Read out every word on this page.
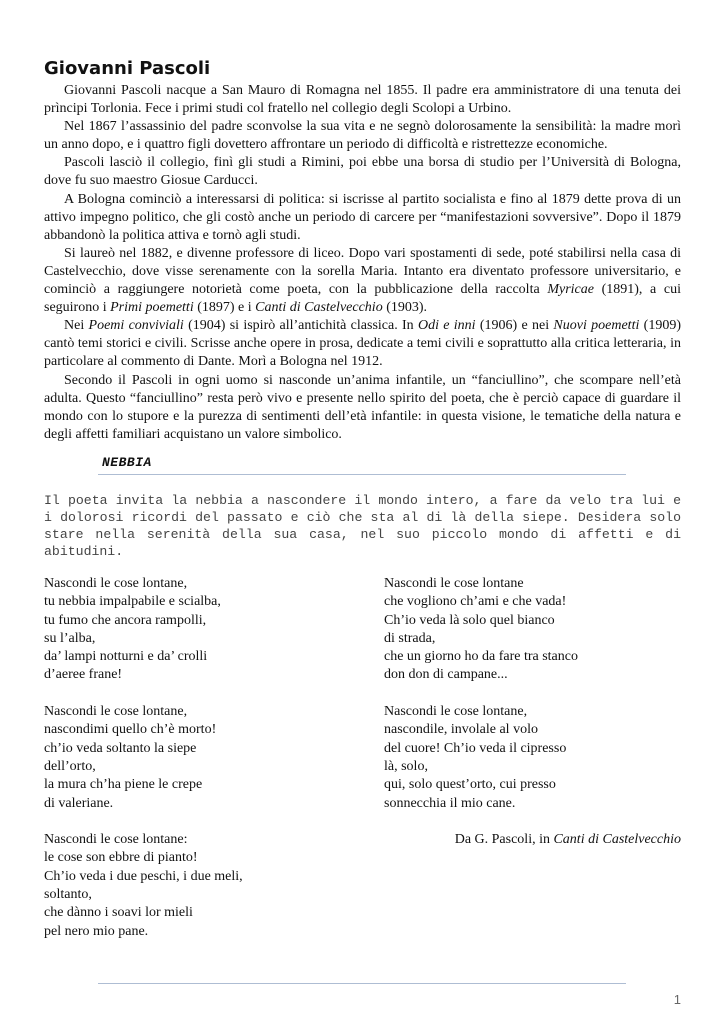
Giovanni Pascoli

Giovanni Pascoli nacque a San Mauro di Romagna nel 1855. Il padre era amministratore di una tenuta dei prìncipi Torlonia. Fece i primi studi col fratello nel collegio degli Scolopi a Urbino.

Nel 1867 l’assassinio del padre sconvolse la sua vita e ne segnò dolorosamente la sensibilità: la madre morì un anno dopo, e i quattro figli dovettero affrontare un periodo di difficoltà e ristrettezze economiche.

Pascoli lasciò il collegio, finì gli studi a Rimini, poi ebbe una borsa di studio per l’Università di Bologna, dove fu suo maestro Giosue Carducci.

A Bologna cominciò a interessarsi di politica: si iscrisse al partito socialista e fino al 1879 dette prova di un attivo impegno politico, che gli costò anche un periodo di carcere per “manifestazioni sovversive”. Dopo il 1879 abbandonò la politica attiva e tornò agli studi.

Si laureò nel 1882, e divenne professore di liceo. Dopo vari spostamenti di sede, poté stabilirsi nella casa di Castelvecchio, dove visse serenamente con la sorella Maria. Intanto era diventato professore universitario, e cominciò a raggiungere notorietà come poeta, con la pubblicazione della raccolta Myricae (1891), a cui seguirono i Primi poemetti (1897) e i Canti di Castelvecchio (1903).

Nei Poemi conviviali (1904) si ispirò all’antichità classica. In Odi e inni (1906) e nei Nuovi poemetti (1909) cantò temi storici e civili. Scrisse anche opere in prosa, dedicate a temi civili e soprattutto alla critica letteraria, in particolare al commento di Dante. Morì a Bologna nel 1912.

Secondo il Pascoli in ogni uomo si nasconde un’anima infantile, un “fanciullino”, che scompare nell’età adulta. Questo “fanciullino” resta però vivo e presente nello spirito del poeta, che è perciò capace di guardare il mondo con lo stupore e la purezza di sentimenti dell’età infantile: in questa visione, le tematiche della natura e degli affetti familiari acquistano un valore simbolico.

NEBBIA

Il poeta invita la nebbia a nascondere il mondo intero, a fare da velo tra lui e i dolorosi ricordi del passato e ciò che sta al di là della siepe. Desidera solo stare nella serenità della sua casa, nel suo piccolo mondo di affetti e di abitudini.

Nascondi le cose lontane,
tu nebbia impalpabile e scialba,
tu fumo che ancora rampolli,
su l’alba,
da’ lampi notturni e da’ crolli
d’aeree frane!
Nascondi le cose lontane,
nascondimi quello ch’è morto!
ch’io veda soltanto la siepe
dell’orto,
la mura ch’ha piene le crepe
di valeriane.
Nascondi le cose lontane:
le cose son ebbre di pianto!
Ch’io veda i due peschi, i due meli,
soltanto,
che dànno i soavi lor mieli
pel nero mio pane.
Nascondi le cose lontane
che vogliono ch’ami e che vada!
Ch’io veda là solo quel bianco
di strada,
che un giorno ho da fare tra stanco
don don di campane...
Nascondi le cose lontane,
nascondile, involale al volo
del cuore! Ch’io veda il cipresso
là, solo,
qui, solo quest’orto, cui presso
sonnecchia il mio cane.

Da G. Pascoli, in Canti di Castelvecchio

1
